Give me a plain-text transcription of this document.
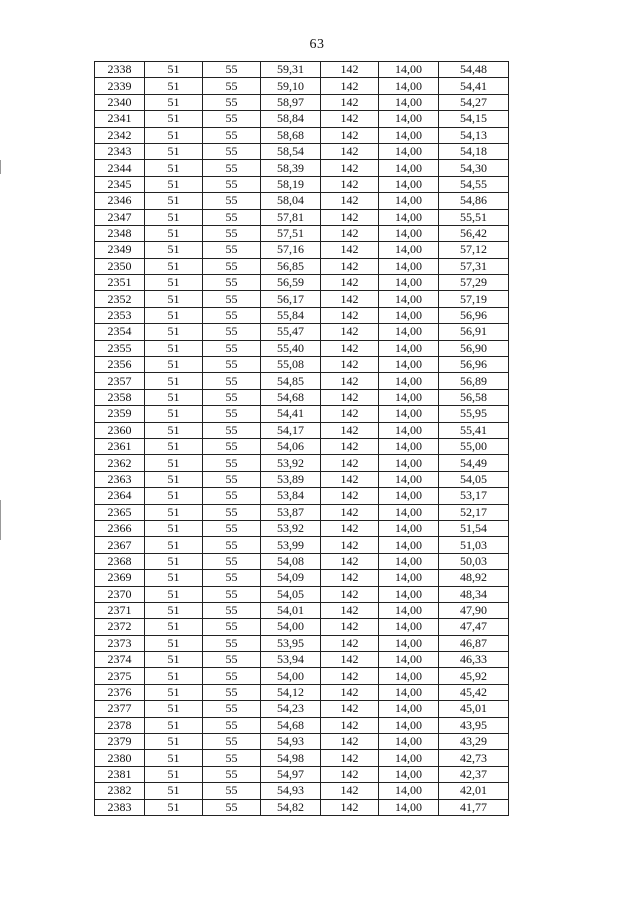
63
2338	51	55	59,31	142	14,00	54,48
2339	51	55	59,10	142	14,00	54,41
2340	51	55	58,97	142	14,00	54,27
2341	51	55	58,84	142	14,00	54,15
2342	51	55	58,68	142	14,00	54,13
2343	51	55	58,54	142	14,00	54,18
2344	51	55	58,39	142	14,00	54,30
2345	51	55	58,19	142	14,00	54,55
2346	51	55	58,04	142	14,00	54,86
2347	51	55	57,81	142	14,00	55,51
2348	51	55	57,51	142	14,00	56,42
2349	51	55	57,16	142	14,00	57,12
2350	51	55	56,85	142	14,00	57,31
2351	51	55	56,59	142	14,00	57,29
2352	51	55	56,17	142	14,00	57,19
2353	51	55	55,84	142	14,00	56,96
2354	51	55	55,47	142	14,00	56,91
2355	51	55	55,40	142	14,00	56,90
2356	51	55	55,08	142	14,00	56,96
2357	51	55	54,85	142	14,00	56,89
2358	51	55	54,68	142	14,00	56,58
2359	51	55	54,41	142	14,00	55,95
2360	51	55	54,17	142	14,00	55,41
2361	51	55	54,06	142	14,00	55,00
2362	51	55	53,92	142	14,00	54,49
2363	51	55	53,89	142	14,00	54,05
2364	51	55	53,84	142	14,00	53,17
2365	51	55	53,87	142	14,00	52,17
2366	51	55	53,92	142	14,00	51,54
2367	51	55	53,99	142	14,00	51,03
2368	51	55	54,08	142	14,00	50,03
2369	51	55	54,09	142	14,00	48,92
2370	51	55	54,05	142	14,00	48,34
2371	51	55	54,01	142	14,00	47,90
2372	51	55	54,00	142	14,00	47,47
2373	51	55	53,95	142	14,00	46,87
2374	51	55	53,94	142	14,00	46,33
2375	51	55	54,00	142	14,00	45,92
2376	51	55	54,12	142	14,00	45,42
2377	51	55	54,23	142	14,00	45,01
2378	51	55	54,68	142	14,00	43,95
2379	51	55	54,93	142	14,00	43,29
2380	51	55	54,98	142	14,00	42,73
2381	51	55	54,97	142	14,00	42,37
2382	51	55	54,93	142	14,00	42,01
2383	51	55	54,82	142	14,00	41,77
